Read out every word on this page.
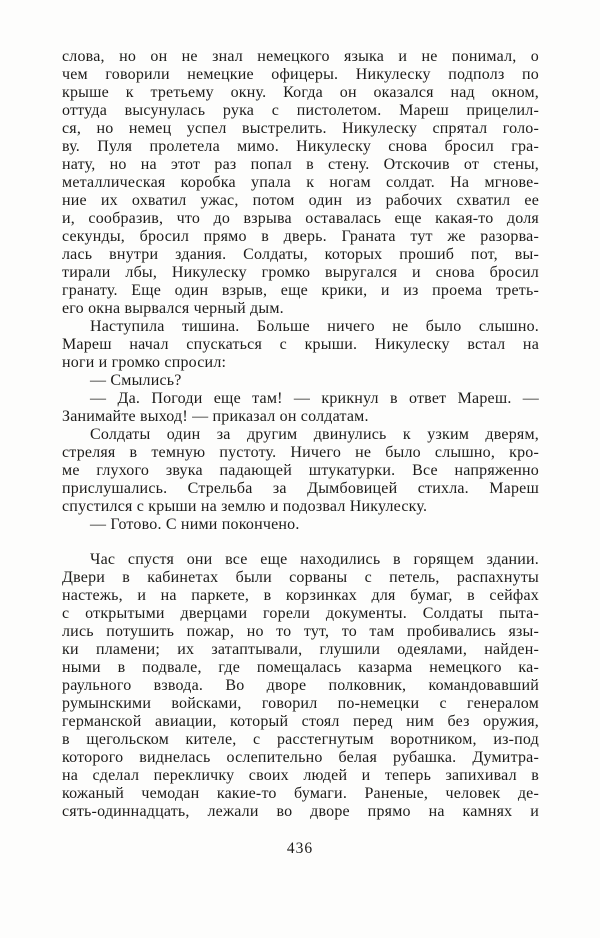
слова, но он не знал немецкого языка и не понимал, о
чем говорили немецкие офицеры. Никулеску подполз по
крыше к третьему окну. Когда он оказался над окном,
оттуда высунулась рука с пистолетом. Мареш прицелил-
ся, но немец успел выстрелить. Никулеску спрятал голо-
ву. Пуля пролетела мимо. Никулеску снова бросил гра-
нату, но на этот раз попал в стену. Отскочив от стены,
металлическая коробка упала к ногам солдат. На мгнове-
ние их охватил ужас, потом один из рабочих схватил ее
и, сообразив, что до взрыва оставалась еще какая-то доля
секунды, бросил прямо в дверь. Граната тут же разорва-
лась внутри здания. Солдаты, которых прошиб пот, вы-
тирали лбы, Никулеску громко выругался и снова бросил
гранату. Еще один взрыв, еще крики, и из проема треть-
его окна вырвался черный дым.
Наступила тишина. Больше ничего не было слышно.
Мареш начал спускаться с крыши. Никулеску встал на
ноги и громко спросил:
— Смылись?
— Да. Погоди еще там! — крикнул в ответ Мареш. —
Занимайте выход! — приказал он солдатам.
Солдаты один за другим двинулись к узким дверям,
стреляя в темную пустоту. Ничего не было слышно, кро-
ме глухого звука падающей штукатурки. Все напряженно
прислушались. Стрельба за Дымбовицей стихла. Мареш
спустился с крыши на землю и подозвал Никулеску.
— Готово. С ними покончено.
Час спустя они все еще находились в горящем здании.
Двери в кабинетах были сорваны с петель, распахнуты
настежь, и на паркете, в корзинках для бумаг, в сейфах
с открытыми дверцами горели документы. Солдаты пыта-
лись потушить пожар, но то тут, то там пробивались язы-
ки пламени; их затаптывали, глушили одеялами, найден-
ными в подвале, где помещалась казарма немецкого ка-
раульного взвода. Во дворе полковник, командовавший
румынскими войсками, говорил по-немецки с генералом
германской авиации, который стоял перед ним без оружия,
в щегольском кителе, с расстегнутым воротником, из-под
которого виднелась ослепительно белая рубашка. Думитра-
на сделал перекличку своих людей и теперь запихивал в
кожаный чемодан какие-то бумаги. Раненые, человек де-
сять-одиннадцать, лежали во дворе прямо на камнях и
436
